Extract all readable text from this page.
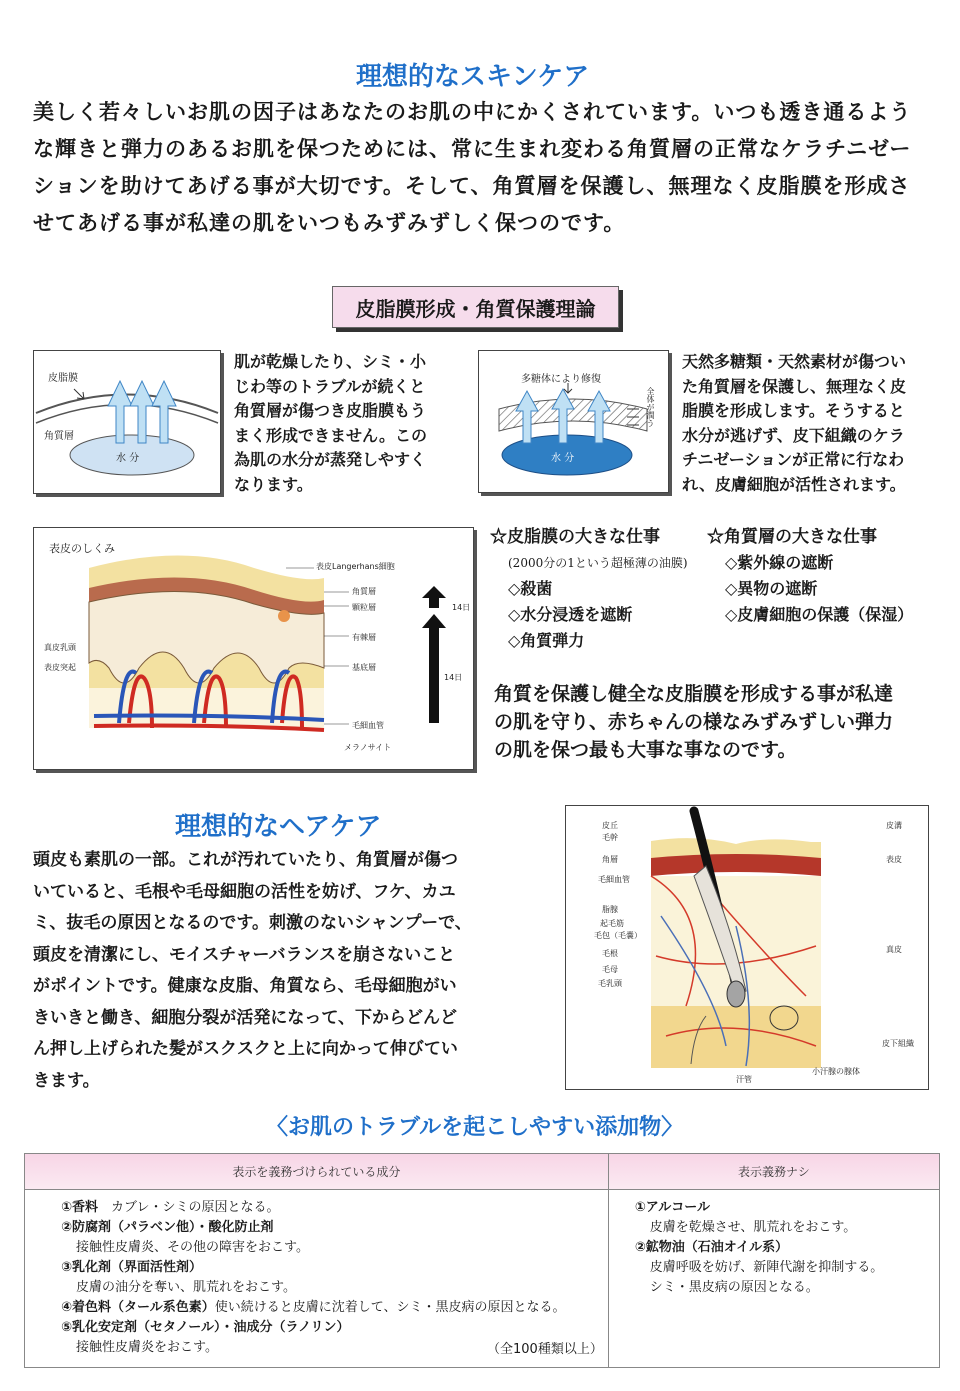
理想的なスキンケア

美しく若々しいお肌の因子はあなたのお肌の中にかくされています。いつも透き通るよう

な輝きと弾力のあるお肌を保つためには、常に生まれ変わる角質層の正常なケラチニゼー

ションを助けてあげる事が大切です。そして、角質層を保護し、無理なく皮脂膜を形成さ

せてあげる事が私達の肌をいつもみずみずしく保つのです。

皮脂膜形成・角質保護理論
皮脂膜
角質層
水 分

肌が乾燥したり、シミ・小

じわ等のトラブルが続くと

角質層が傷つき皮脂膜もう

まく形成できません。この

為肌の水分が蒸発しやすく

なります。

多糖体により修復
全体が潤う
水 分

天然多糖類・天然素材が傷つい

た角質層を保護し、無理なく皮

脂膜を形成します。そうすると

水分が逃げず、皮下組織のケラ

チニゼーションが正常に行なわ

れ、皮膚細胞が活性されます。

表皮のしくみ
表皮Langerhans細胞
角質層
顆粒層
有棘層
基底層
真皮乳頭
表皮突起
毛細血管
メラノサイト
14日
14日

☆皮脂膜の大きな仕事

(2000分の1という超極薄の油膜)

◇殺菌

◇水分浸透を遮断

◇角質弾力

☆角質層の大きな仕事

◇紫外線の遮断

◇異物の遮断

◇皮膚細胞の保護（保湿）

角質を保護し健全な皮脂膜を形成する事が私達

の肌を守り、赤ちゃんの様なみずみずしい弾力

の肌を保つ最も大事な事なのです。

理想的なヘアケア

頭皮も素肌の一部。これが汚れていたり、角質層が傷つ

いていると、毛根や毛母細胞の活性を妨げ、フケ、カユ

ミ、抜毛の原因となるのです。刺激のないシャンプーで、

頭皮を清潔にし、モイスチャーバランスを崩さないこと

がポイントです。健康な皮脂、角質なら、毛母細胞がい

きいきと働き、細胞分裂が活発になって、下からどんど

ん押し上げられた髪がスクスクと上に向かって伸びてい

きます。

皮丘
毛幹
角層
毛細血管
脂腺
起毛筋
毛包（毛嚢）
毛根
毛母
毛乳頭
皮溝
表皮
真皮
皮下組織
汗管
小汗腺の腺体
〈お肌のトラブルを起こしやすい添加物〉
表示を義務づけられている成分	表示義務ナシ
①香料　 カブレ・シミの原因となる。
②防腐剤（パラベン他）・酸化防止剤
接触性皮膚炎、その他の障害をおこす。
③乳化剤（界面活性剤）
皮膚の油分を奪い、肌荒れをおこす。
④着色料（タール系色素）使い続けると皮膚に沈着して、シミ・黒皮病の原因となる。
⑤乳化安定剤（セタノール）・油成分（ラノリン）
接触性皮膚炎をおこす。	（全100種類以上）
①アルコール
皮膚を乾燥させ、肌荒れをおこす。
②鉱物油（石油オイル系）
皮膚呼吸を妨げ、新陣代謝を抑制する。
シミ・黒皮病の原因となる。
